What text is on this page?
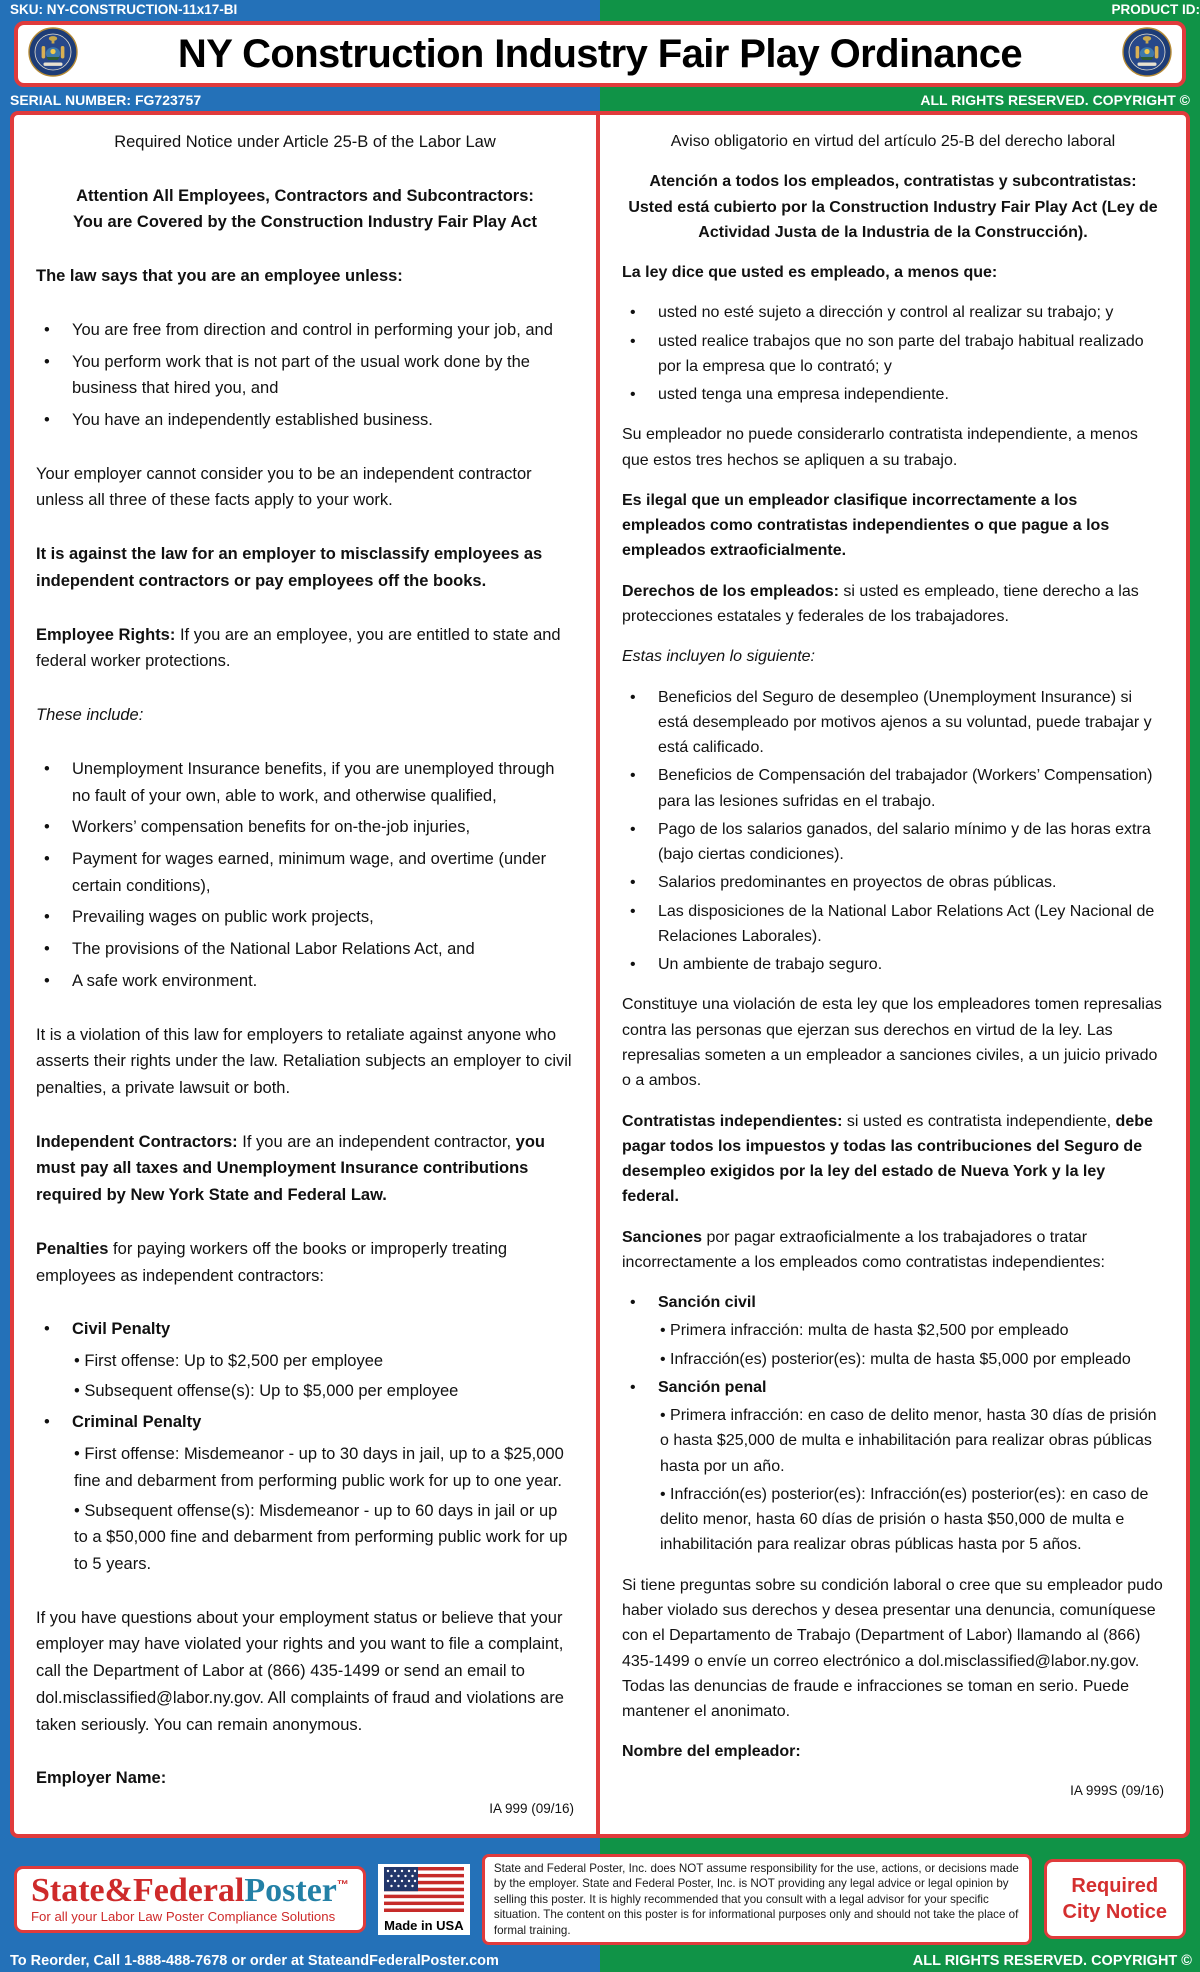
SKU: NY-CONSTRUCTION-11x17-BI	PRODUCT ID:
NY Construction Industry Fair Play Ordinance
SERIAL NUMBER: FG723757	ALL RIGHTS RESERVED. COPYRIGHT ©
Required Notice under Article 25-B of the Labor Law
Attention All Employees, Contractors and Subcontractors:
You are Covered by the Construction Industry Fair Play Act
The law says that you are an employee unless:
•	You are free from direction and control in performing your job, and
•	You perform work that is not part of the usual work done by the business that hired you, and
•	You have an independently established business.
Your employer cannot consider you to be an independent contractor unless all three of these facts apply to your work.
It is against the law for an employer to misclassify employees as independent contractors or pay employees off the books.
Employee Rights: If you are an employee, you are entitled to state and federal worker protections.
These include:
•	Unemployment Insurance benefits, if you are unemployed through no fault of your own, able to work, and otherwise qualified,
•	Workers’ compensation benefits for on-the-job injuries,
•	Payment for wages earned, minimum wage, and overtime (under certain conditions),
•	Prevailing wages on public work projects,
•	The provisions of the National Labor Relations Act, and
•	A safe work environment.
It is a violation of this law for employers to retaliate against anyone who asserts their rights under the law. Retaliation subjects an employer to civil penalties, a private lawsuit or both.
Independent Contractors: If you are an independent contractor, you must pay all taxes and Unemployment Insurance contributions required by New York State and Federal Law.
Penalties for paying workers off the books or improperly treating employees as independent contractors:
•	Civil Penalty
• First offense: Up to $2,500 per employee
• Subsequent offense(s): Up to $5,000 per employee
•	Criminal Penalty
• First offense: Misdemeanor - up to 30 days in jail, up to a $25,000 fine and debarment from performing public work for up to one year.
• Subsequent offense(s): Misdemeanor - up to 60 days in jail or up to a $50,000 fine and debarment from performing public work for up to 5 years.
If you have questions about your employment status or believe that your employer may have violated your rights and you want to file a complaint, call the Department of Labor at (866) 435-1499 or send an email to dol.misclassified@labor.ny.gov. All complaints of fraud and violations are taken seriously. You can remain anonymous.
Employer Name:
IA 999 (09/16)
Aviso obligatorio en virtud del artículo 25-B del derecho laboral
Atención a todos los empleados, contratistas y subcontratistas:
Usted está cubierto por la Construction Industry Fair Play Act (Ley de Actividad Justa de la Industria de la Construcción).
La ley dice que usted es empleado, a menos que:
•	usted no esté sujeto a dirección y control al realizar su trabajo; y
•	usted realice trabajos que no son parte del trabajo habitual realizado por la empresa que lo contrató; y
•	usted tenga una empresa independiente.
Su empleador no puede considerarlo contratista independiente, a menos que estos tres hechos se apliquen a su trabajo.
Es ilegal que un empleador clasifique incorrectamente a los empleados como contratistas independientes o que pague a los empleados extraoficialmente.
Derechos de los empleados: si usted es empleado, tiene derecho a las protecciones estatales y federales de los trabajadores.
Estas incluyen lo siguiente:
•	Beneficios del Seguro de desempleo (Unemployment Insurance) si está desempleado por motivos ajenos a su voluntad, puede trabajar y está calificado.
•	Beneficios de Compensación del trabajador (Workers’ Compensation) para las lesiones sufridas en el trabajo.
•	Pago de los salarios ganados, del salario mínimo y de las horas extra (bajo ciertas condiciones).
•	Salarios predominantes en proyectos de obras públicas.
•	Las disposiciones de la National Labor Relations Act (Ley Nacional de Relaciones Laborales).
•	Un ambiente de trabajo seguro.
Constituye una violación de esta ley que los empleadores tomen represalias contra las personas que ejerzan sus derechos en virtud de la ley. Las represalias someten a un empleador a sanciones civiles, a un juicio privado o a ambos.
Contratistas independientes: si usted es contratista independiente, debe pagar todos los impuestos y todas las contribuciones del Seguro de desempleo exigidos por la ley del estado de Nueva York y la ley federal.
Sanciones por pagar extraoficialmente a los trabajadores o tratar incorrectamente a los empleados como contratistas independientes:
•	Sanción civil
• Primera infracción: multa de hasta $2,500 por empleado
• Infracción(es) posterior(es): multa de hasta $5,000 por empleado
•	Sanción penal
• Primera infracción: en caso de delito menor, hasta 30 días de prisión o hasta $25,000 de multa e inhabilitación para realizar obras públicas hasta por un año.
• Infracción(es) posterior(es): Infracción(es) posterior(es): en caso de delito menor, hasta 60 días de prisión o hasta $50,000 de multa e inhabilitación para realizar obras públicas hasta por 5 años.
Si tiene preguntas sobre su condición laboral o cree que su empleador pudo haber violado sus derechos y desea presentar una denuncia, comuníquese con el Departamento de Trabajo (Department of Labor) llamando al (866) 435-1499 o envíe un correo electrónico a dol.misclassified@labor.ny.gov. Todas las denuncias de fraude e infracciones se toman en serio. Puede mantener el anonimato.
Nombre del empleador:
IA 999S (09/16)
State&FederalPoster™
For all your Labor Law Poster Compliance Solutions
Made in USA
State and Federal Poster, Inc. does NOT assume responsibility for the use, actions, or decisions made by the employer. State and Federal Poster, Inc. is NOT providing any legal advice or legal opinion by selling this poster. It is highly recommended that you consult with a legal advisor for your specific situation. The content on this poster is for informational purposes only and should not take the place of formal training.
Required
City Notice
To Reorder, Call 1-888-488-7678 or order at StateandFederalPoster.com	ALL RIGHTS RESERVED. COPYRIGHT ©
